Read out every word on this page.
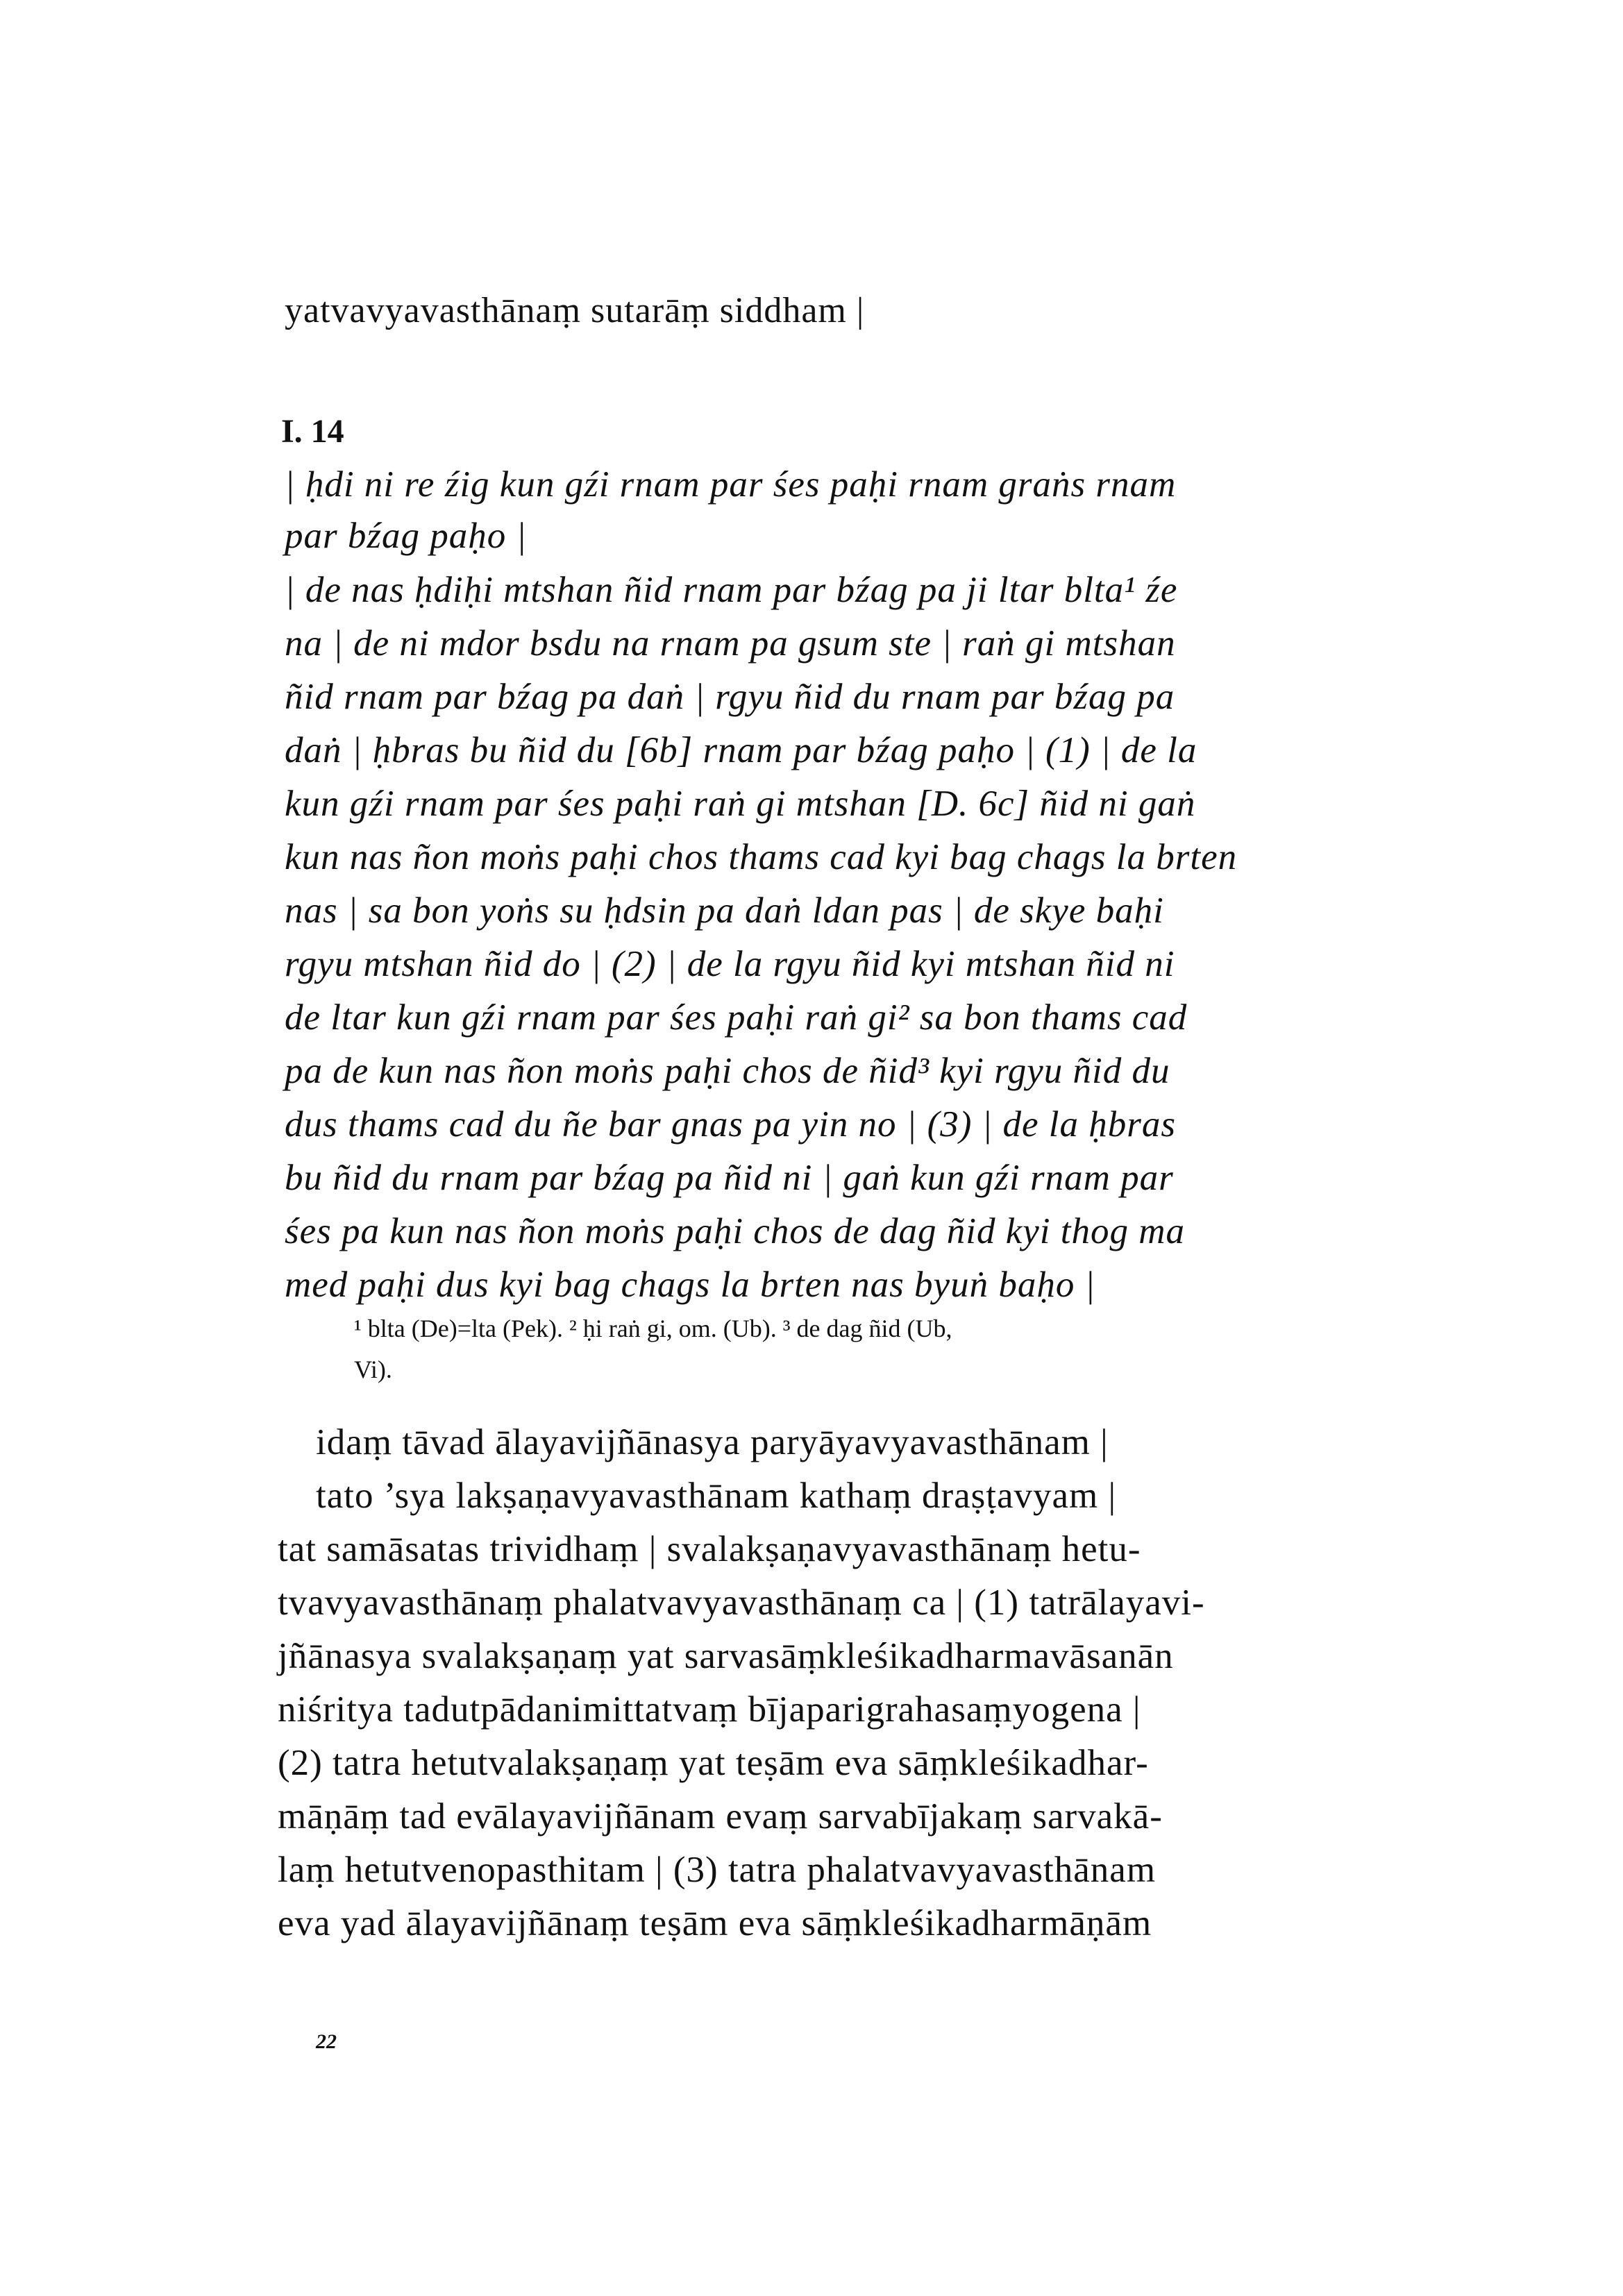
yatvavyavasthānaṃ sutarāṃ siddham |
I. 14
| ḥdi ni re źig kun gźi rnam par śes paḥi rnam graṅs rnam
par bźag paḥo |
| de nas ḥdiḥi mtshan ñid rnam par bźag pa ji ltar blta¹ źe
na | de ni mdor bsdu na rnam pa gsum ste | raṅ gi mtshan
ñid rnam par bźag pa daṅ | rgyu ñid du rnam par bźag pa
daṅ | ḥbras bu ñid du [6b] rnam par bźag paḥo | (1) | de la
kun gźi rnam par śes paḥi raṅ gi mtshan [D. 6c] ñid ni gaṅ
kun nas ñon moṅs paḥi chos thams cad kyi bag chags la brten
nas | sa bon yoṅs su ḥdsin pa daṅ ldan pas | de skye baḥi
rgyu mtshan ñid do | (2) | de la rgyu ñid kyi mtshan ñid ni
de ltar kun gźi rnam par śes paḥi raṅ gi² sa bon thams cad
pa de kun nas ñon moṅs paḥi chos de ñid³ kyi rgyu ñid du
dus thams cad du ñe bar gnas pa yin no | (3) | de la ḥbras
bu ñid du rnam par bźag pa ñid ni | gaṅ kun gźi rnam par
śes pa kun nas ñon moṅs paḥi chos de dag ñid kyi thog ma
med paḥi dus kyi bag chags la brten nas byuṅ baḥo |
¹ blta (De)=lta (Pek). ² ḥi raṅ gi, om. (Ub). ³ de dag ñid (Ub,
Vi).
idaṃ tāvad ālayavijñānasya paryāyavyavasthānam |
tato ’sya lakṣaṇavyavasthānam kathaṃ draṣṭavyam |
tat samāsatas trividhaṃ | svalakṣaṇavyavasthānaṃ hetu-
tvavyavasthānaṃ phalatvavyavasthānaṃ ca | (1) tatrālayavi-
jñānasya svalakṣaṇaṃ yat sarvasāṃkleśikadharmavāsanān
niśritya tadutpādanimittatvaṃ bījaparigrahasaṃyogena |
(2) tatra hetutvalakṣaṇaṃ yat teṣām eva sāṃkleśikadhar-
māṇāṃ tad evālayavijñānam evaṃ sarvabījakaṃ sarvakā-
laṃ hetutvenopasthitam | (3) tatra phalatvavyavasthānam
eva yad ālayavijñānaṃ teṣām eva sāṃkleśikadharmāṇām
22
